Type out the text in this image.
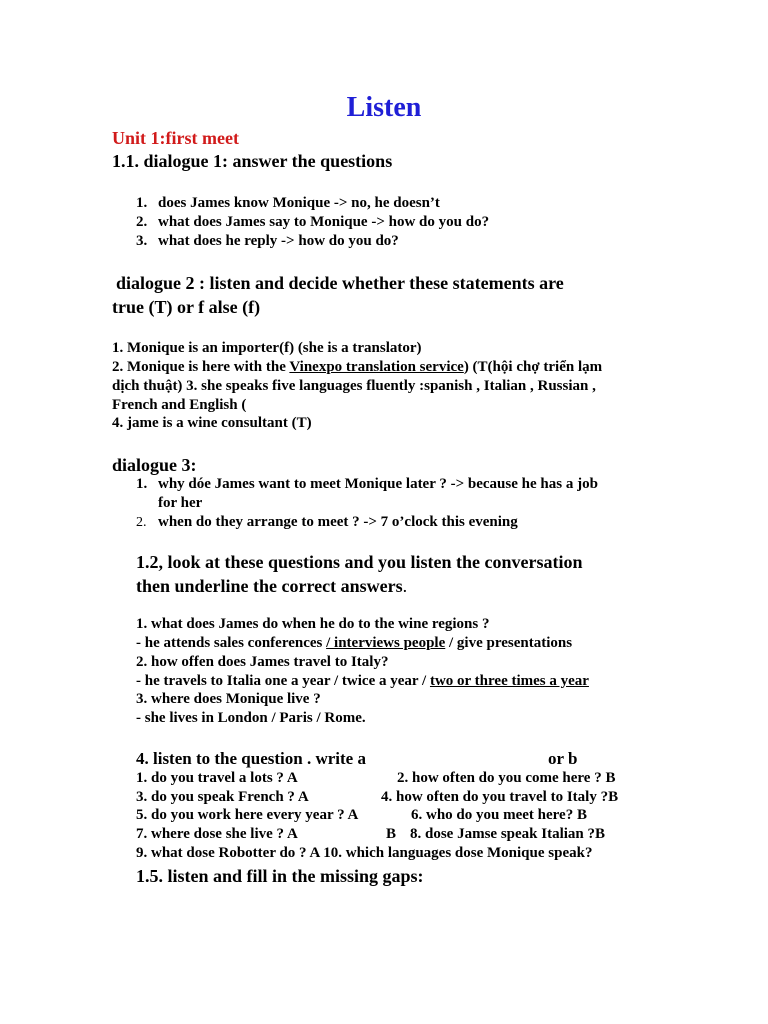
Listen
Unit 1:first meet
1.1. dialogue 1: answer the questions
1. does James know Monique -> no, he doesn’t
2. what does James say to Monique -> how do you do?
3. what does he reply -> how do you do?
dialogue 2 : listen and decide whether these statements are
true (T) or f alse (f)
1. Monique is an importer(f) (she is a translator)
2. Monique is here with the Vinexpo translation service) (T(hội chợ triển lạm
dịch thuật) 3. she speaks five languages fluently :spanish , Italian , Russian ,
French and English (
4. jame is a wine consultant (T)
dialogue 3:
1. why dóe James want to meet Monique later ? -> because he has a job
for her
2. when do they arrange to meet ? -> 7 o’clock this evening
1.2, look at these questions and you listen the conversation
then underline the correct answers.
1. what does James do when he do to the wine regions ?
- he attends sales conferences / interviews people / give presentations
2. how offen does James travel to Italy?
- he travels to Italia one a year / twice a year / two or three times a year
3. where does Monique live ?
- she lives in London / Paris / Rome.
4. listen to the question . write a	or b
1. do you travel a lots ? A	2. how often do you come here ? B
3. do you speak French ? A	4. how often do you travel to Italy ?B
5. do you work here every year ? A	6. who do you meet here? B
7. where dose she live ? A	B 8. dose Jamse speak Italian ?B
9. what dose Robotter do ? A 10. which languages dose Monique speak?
1.5. listen and fill in the missing gaps:
